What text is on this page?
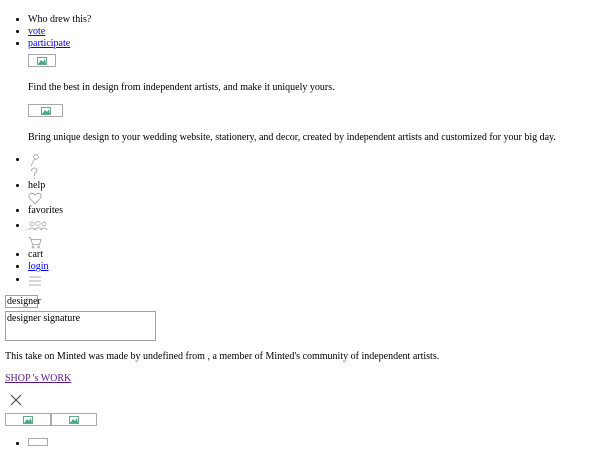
• Who drew this?
• vote
• participate

Find the best in design from independent artists, and make it uniquely yours.

Bring unique design to your wedding website, stationery, and decor, created by independent artists and customized for your big day.

•
• help
• favorites
•
• cart
• login
•
designer
designer signature

This take on Minted was made by undefined from , a member of Minted's community of independent artists.

SHOP 's WORK
•
